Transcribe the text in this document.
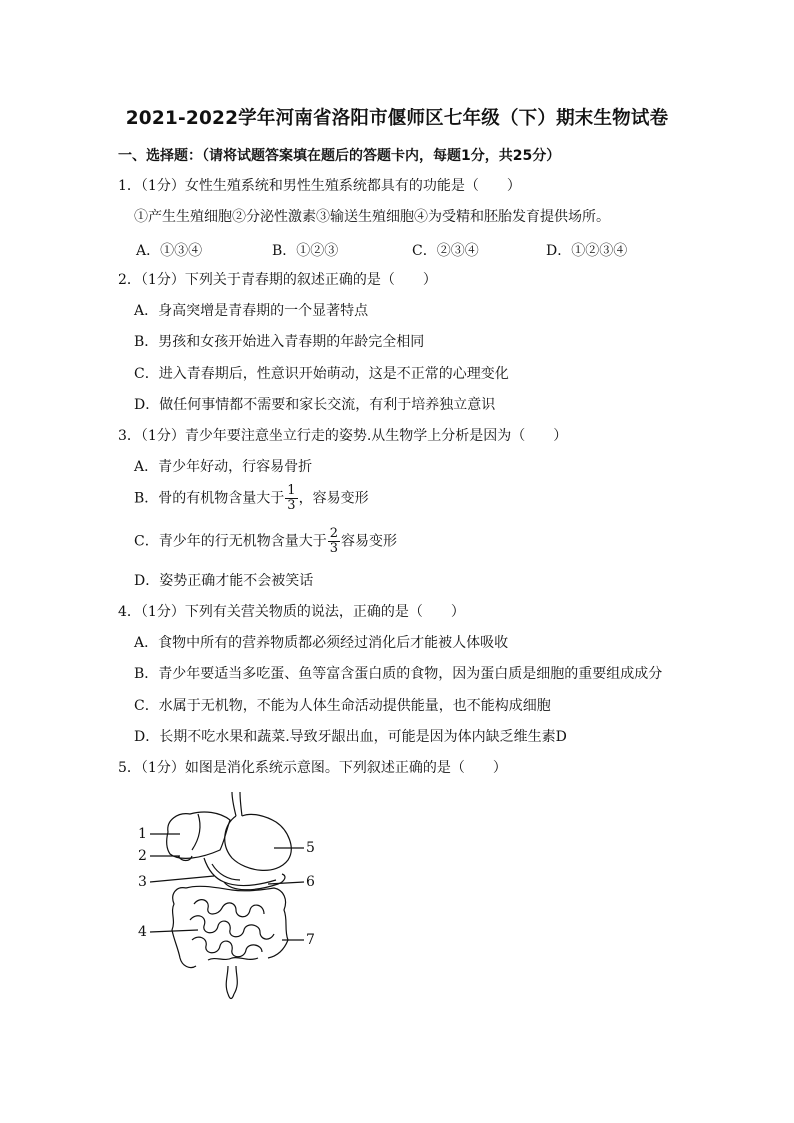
2021-2022学年河南省洛阳市偃师区七年级（下）期末生物试卷
一、选择题：（请将试题答案填在题后的答题卡内，每题1分，共25分）
1．（1分）女性生殖系统和男性生殖系统都具有的功能是（　　）
①产生生殖细胞②分泌性激素③输送生殖细胞④为受精和胚胎发育提供场所。
A．①③④	B．①②③	C．②③④	D．①②③④
2．（1分）下列关于青春期的叙述正确的是（　　）
A．身高突增是青春期的一个显著特点
B．男孩和女孩开始进入青春期的年龄完全相同
C．进入青春期后，性意识开始萌动，这是不正常的心理变化
D．做任何事情都不需要和家长交流，有利于培养独立意识
3．（1分）青少年要注意坐立行走的姿势.从生物学上分析是因为（　　）
A．青少年好动，行容易骨折
B．骨的有机物含量大于 $\frac{1}{3}$ ，容易变形
C．青少年的行无机物含量大于 $\frac{2}{3}$ 容易变形
D．姿势正确才能不会被笑话
4．（1分）下列有关营关物质的说法，正确的是（　　）
A．食物中所有的营养物质都必须经过消化后才能被人体吸收
B．青少年要适当多吃蛋、鱼等富含蛋白质的食物，因为蛋白质是细胞的重要组成成分
C．水属于无机物，不能为人体生命活动提供能量，也不能构成细胞
D．长期不吃水果和蔬菜.导致牙龈出血，可能是因为体内缺乏维生素D
5．（1分）如图是消化系统示意图。下列叙述正确的是（　　）
1
2
3
4
5
6
7
